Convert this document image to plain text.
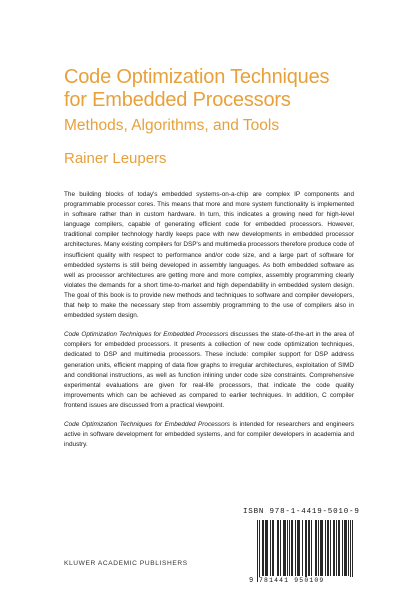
Code Optimization Techniques
for Embedded Processors
Methods, Algorithms, and Tools
Rainer Leupers

The building blocks of today's embedded systems-on-a-chip are complex IP components and programmable processor cores. This means that more and more system functionality is implemented in software rather than in custom hardware. In turn, this indicates a growing need for high-level language compilers, capable of generating efficient code for embedded processors. However, traditional compiler technology hardly keeps pace with new developments in embedded processor architectures. Many existing compilers for DSP's and multimedia processors therefore produce code of insufficient quality with respect to performance and/or code size, and a large part of software for embedded systems is still being developed in assembly languages. As both embedded software as well as processor architectures are getting more and more complex, assembly programming clearly violates the demands for a short time-to-market and high dependability in embedded system design. The goal of this book is to provide new methods and techniques to software and compiler developers, that help to make the necessary step from assembly programming to the use of compilers also in embedded system design.

Code Optimization Techniques for Embedded Processors discusses the state-of-the-art in the area of compilers for embedded processors. It presents a collection of new code optimization techniques, dedicated to DSP and multimedia processors. These include: compiler support for DSP address generation units, efficient mapping of data flow graphs to irregular architectures, exploitation of SIMD and conditional instructions, as well as function inlining under code size constraints. Comprehensive experimental evaluations are given for real-life processors, that indicate the code quality improvements which can be achieved as compared to earlier techniques. In addition, C compiler frontend issues are discussed from a practical viewpoint.

Code Optimization Techniques for Embedded Processors is intended for researchers and engineers active in software development for embedded systems, and for compiler developers in academia and industry.

ISBN 978-1-4419-5010-9
9 781441 950109
KLUWER ACADEMIC PUBLISHERS
